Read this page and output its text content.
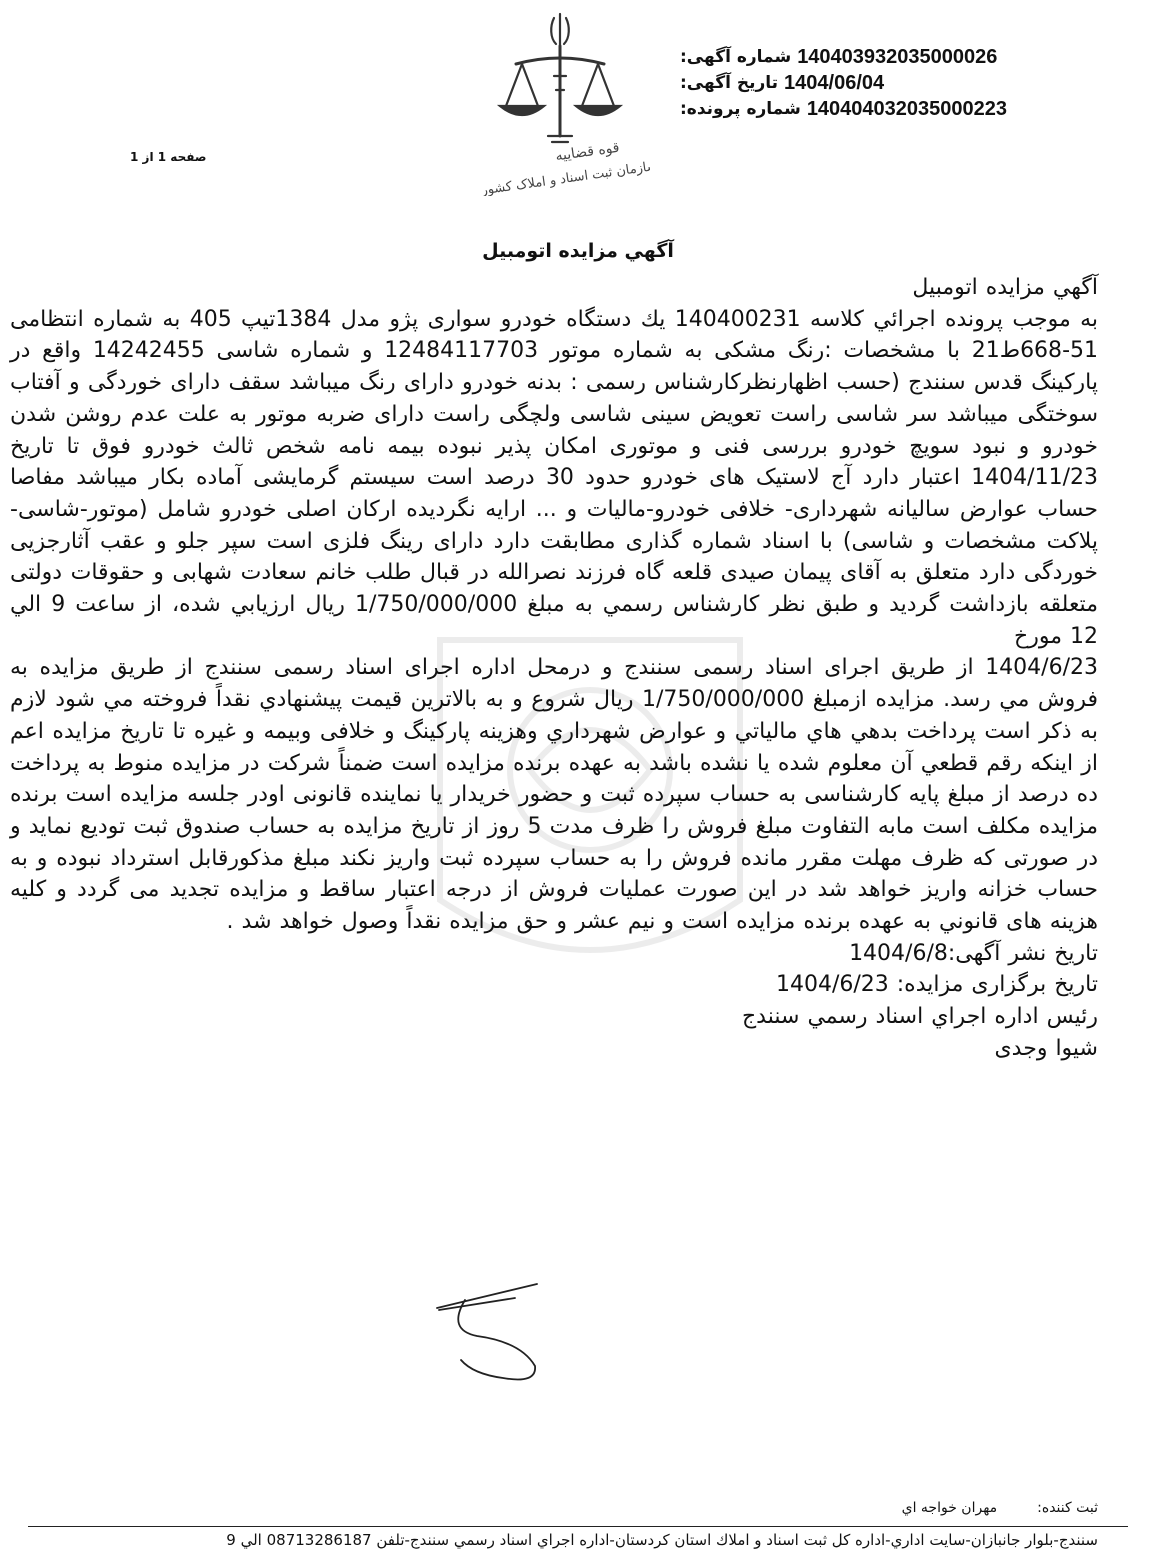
قوه قضاییه
سازمان ثبت اسناد و املاک کشور
شماره آگهی: 140403932035000026
تاریخ آگهی: 1404/06/04
شماره پرونده: 140404032035000223
صفحه 1 از 1
آگهي مزايده اتومبيل

آگهي مزايده اتومبيل

به موجب پرونده اجرائي كلاسه 140400231 يك دستگاه خودرو سواری پژو مدل 1384تیپ 405 به شماره انتظامی 51-668ط21 با مشخصات :رنگ مشکی به شماره موتور 12484117703 و شماره شاسی 14242455 واقع در پارکینگ قدس سنندج (حسب اظهارنظرکارشناس رسمی : بدنه خودرو دارای رنگ میباشد سقف دارای خوردگی و آفتاب سوختگی میباشد سر شاسی راست تعویض سینی شاسی ولچگی راست دارای ضربه موتور به علت عدم روشن شدن خودرو و نبود سویچ خودرو بررسی فنی و موتوری امکان پذیر نبوده بیمه نامه شخص ثالث خودرو فوق تا تاریخ 1404/11/23 اعتبار دارد آج لاستیک های خودرو حدود 30 درصد است سیستم گرمایشی آماده بکار میباشد مفاصا حساب عوارض سالیانه شهرداری- خلافی خودرو-مالیات و ... ارایه نگردیده ارکان اصلی خودرو شامل (موتور-شاسی-پلاکت مشخصات و شاسی) با اسناد شماره گذاری مطابقت دارد دارای رینگ فلزی است سپر جلو و عقب آثارجزیی خوردگی دارد متعلق به آقای پیمان صیدی قلعه گاه فرزند نصرالله در قبال طلب خانم سعادت شهابی و حقوقات دولتی متعلقه بازداشت گردید و طبق نظر كارشناس رسمي به مبلغ 1/750/000/000 ريال ارزيابي شده، از ساعت 9 الي 12 مورخ

1404/6/23 از طریق اجرای اسناد رسمی سنندج و درمحل اداره اجرای اسناد رسمی سنندج از طريق مزايده به فروش مي رسد. مزايده ازمبلغ 1/750/000/000 ريال شروع و به بالاترين قيمت پيشنهادي نقداً فروخته مي شود لازم به ذكر است پرداخت بدهي هاي مالياتي و عوارض شهرداري وهزينه پاركينگ و خلافی وبیمه و غیره تا تاریخ مزایده اعم از اینکه رقم قطعي آن معلوم شده یا نشده باشد به عهده برنده مزایده است ضمناً شرکت در مزایده منوط به پرداخت ده درصد از مبلغ پایه کارشناسی به حساب سپرده ثبت و حضور خریدار یا نماینده قانونی اودر جلسه مزایده است برنده مزایده مکلف است مابه التفاوت مبلغ فروش را ظرف مدت 5 روز از تاریخ مزایده به حساب صندوق ثبت تودیع نماید و در صورتی که ظرف مهلت مقرر مانده فروش را به حساب سپرده ثبت واریز نکند مبلغ مذکورقابل استرداد نبوده و به حساب خزانه واریز خواهد شد در این صورت عملیات فروش از درجه اعتبار ساقط و مزایده تجدید می گردد و کلیه هزینه های قانوني به عهده برنده مزايده است و نيم عشر و حق مزايده نقداً وصول خواهد شد .

تاریخ نشر آگهی:1404/6/8

تاريخ برگزاری مزايده: 1404/6/23

رئيس اداره اجراي اسناد رسمي سنندج

شيوا وجدی

ثبت كننده:
مهران خواجه اي
سنندج-بلوار جانبازان-سايت اداري-اداره كل ثبت اسناد و املاك استان كردستان-اداره اجراي اسناد رسمي سنندج-تلفن 08713286187 الي 9
